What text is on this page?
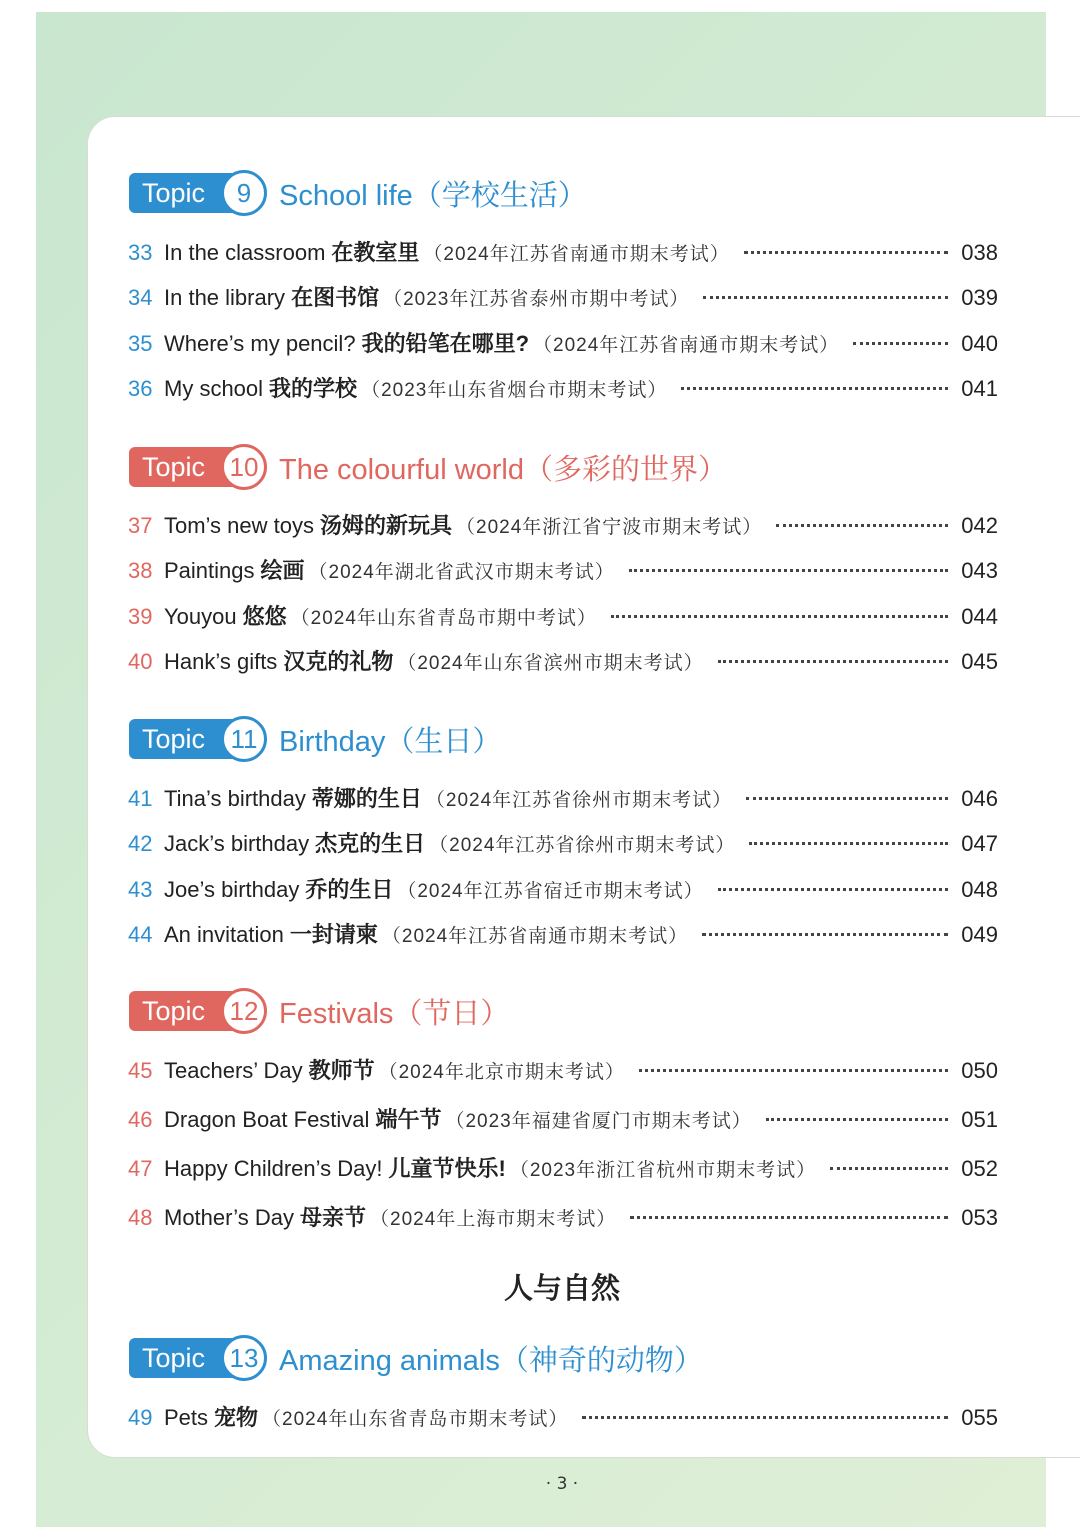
Topic	9 School life（学校生活）
33 In the classroom 在教室里 （2024年江苏省南通市期末考试）	038
34 In the library 在图书馆 （2023年江苏省泰州市期中考试）	039
35 Where’s my pencil? 我的铅笔在哪里? （2024年江苏省南通市期末考试）	040
36 My school 我的学校 （2023年山东省烟台市期末考试）	041
Topic 10 The colourful world（多彩的世界）
37 Tom’s new toys 汤姆的新玩具 （2024年浙江省宁波市期末考试）	042
38 Paintings 绘画 （2024年湖北省武汉市期末考试）	043
39 Youyou 悠悠 （2024年山东省青岛市期中考试）	044
40 Hank’s gifts 汉克的礼物 （2024年山东省滨州市期末考试）	045
Topic 11 Birthday（生日）
41 Tina’s birthday 蒂娜的生日 （2024年江苏省徐州市期末考试）	046
42 Jack’s birthday 杰克的生日 （2024年江苏省徐州市期末考试）	047
43 Joe’s birthday 乔的生日 （2024年江苏省宿迁市期末考试）	048
44 An invitation 一封请柬 （2024年江苏省南通市期末考试）	049
Topic 12 Festivals（节日）
45 Teachers’ Day 教师节 （2024年北京市期末考试）	050
46 Dragon Boat Festival 端午节 （2023年福建省厦门市期末考试）	051
47 Happy Children’s Day! 儿童节快乐! （2023年浙江省杭州市期末考试）	052
48 Mother’s Day 母亲节 （2024年上海市期末考试）	053
人与自然
Topic 13 Amazing animals（神奇的动物）
49 Pets 宠物 （2024年山东省青岛市期末考试）	055
· 3 ·
